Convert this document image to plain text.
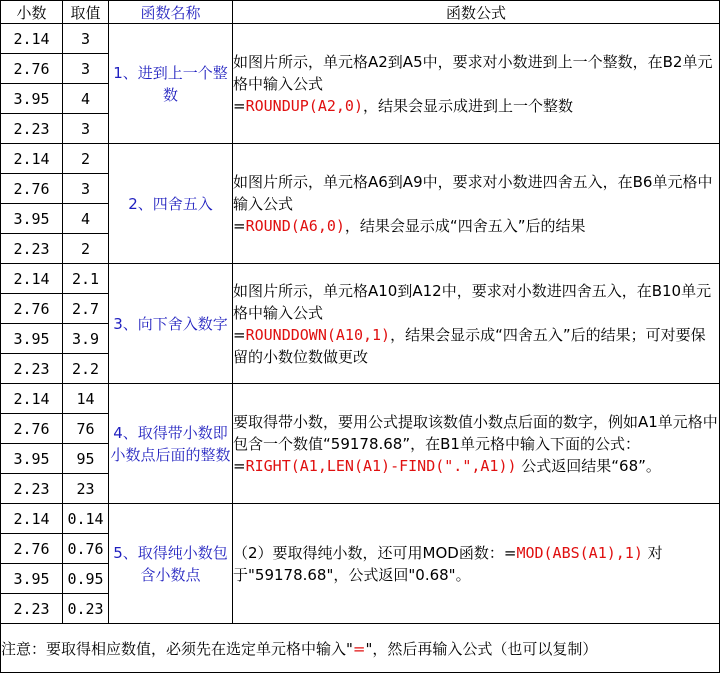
小数	取值	函数名称	函数公式
2.14	3	1、进到上一个整数	如图片所示，单元格A2到A5中，要求对小数进到上一个整数，在B2单元格中输入公式
=ROUNDUP(A2,0)，结果会显示成进到上一个整数
2.76	3		
3.95	4		
2.23	3		
2.14	2	2、四舍五入	如图片所示，单元格A6到A9中，要求对小数进四舍五入，在B6单元格中输入公式
=ROUND(A6,0)，结果会显示成“四舍五入”后的结果
2.76	3		
3.95	4		
2.23	2		
2.14	2.1	3、向下舍入数字	如图片所示，单元格A10到A12中，要求对小数进四舍五入，在B10单元格中输入公式
=ROUNDDOWN(A10,1)，结果会显示成“四舍五入”后的结果；可对要保留的小数位数做更改
2.76	2.7		
3.95	3.9		
2.23	2.2		
2.14	14	4、取得带小数即小数点后面的整数	要取得带小数，要用公式提取该数值小数点后面的数字，例如A1单元格中包含一个数值“59178.68”，在B1单元格中输入下面的公式：=RIGHT(A1,LEN(A1)-FIND(".",A1)) 公式返回结果“68”。
2.76	76		
3.95	95		
2.23	23		
2.14	0.14	5、取得纯小数包含小数点	（2）要取得纯小数，还可用MOD函数：=MOD(ABS(A1),1) 对于"59178.68"，公式返回"0.68"。
2.76	0.76		
3.95	0.95		
2.23	0.23		
注意：要取得相应数值，必须先在选定单元格中输入"="，然后再输入公式（也可以复制）			
